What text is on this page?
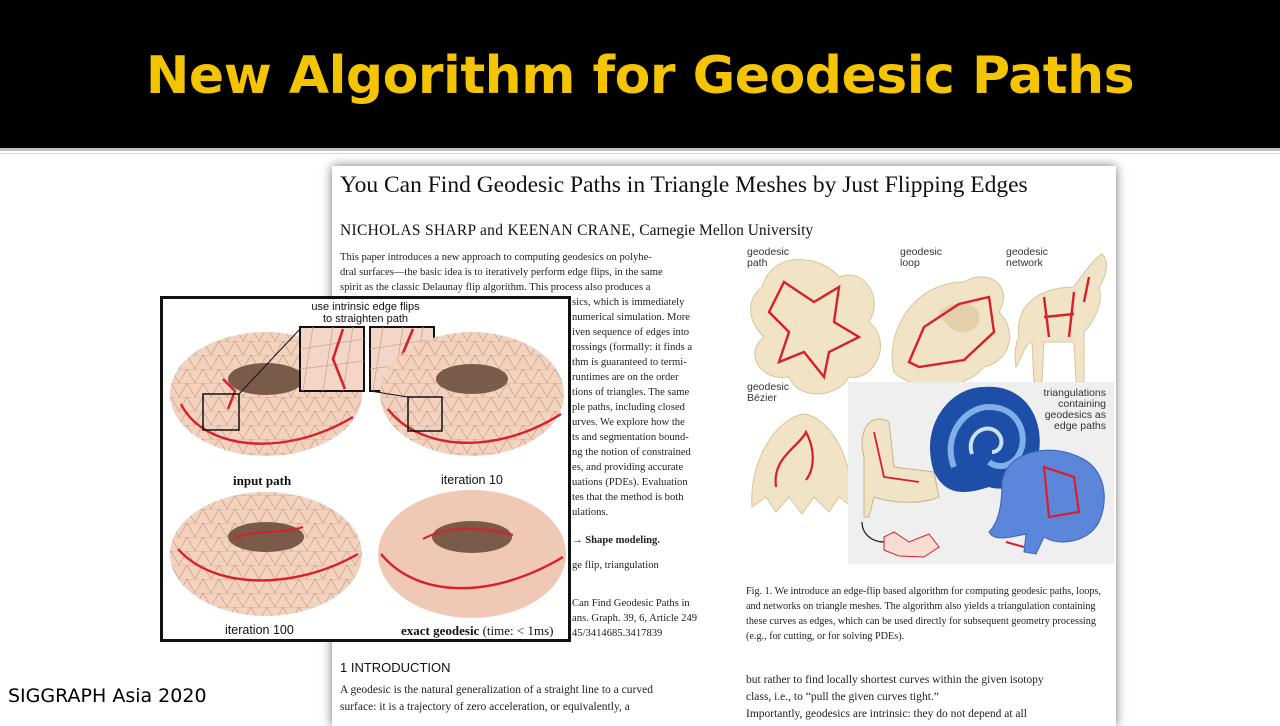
New Algorithm for Geodesic Paths
You Can Find Geodesic Paths in Triangle Meshes by Just Flipping Edges
NICHOLAS SHARP and KEENAN CRANE, Carnegie Mellon University

This paper introduces a new approach to computing geodesics on polyhe-

dral surfaces—the basic idea is to iteratively perform edge flips, in the same

spirit as the classic Delaunay flip algorithm. This process also produces a

sics, which is immediately
numerical simulation. More
iven sequence of edges into
rossings (formally: it finds a
thm is guaranteed to termi-
runtimes are on the order
tions of triangles. The same
ple paths, including closed
urves. We explore how the
ts and segmentation bound-
ng the notion of constrained
es, and providing accurate
uations (PDEs). Evaluation
tes that the method is both
ulations.
→ Shape modeling.
ge flip, triangulation
Can Find Geodesic Paths in
ans. Graph. 39, 6, Article 249
45/3414685.3417839
1 INTRODUCTION
A geodesic is the natural generalization of a straight line to a curved
surface: it is a trajectory of zero acceleration, or equivalently, a
geodesic
path
geodesic
loop
geodesic
network
geodesic
Bézier	triangulations
containing
geodesics as
edge paths
Fig. 1. We introduce an edge-flip based algorithm for computing geodesic paths, loops, and networks on triangle meshes. The algorithm also yields a triangulation containing these curves as edges, which can be used directly for subsequent geometry processing (e.g., for cutting, or for solving PDEs).
but rather to find locally shortest curves within the given isotopy
class, i.e., to “pull the given curves tight.”
Importantly, geodesics are intrinsic: they do not depend at all
use intrinsic edge flips
to straighten path
input path	iteration 10
iteration 100	exact geodesic (time: < 1ms)
SIGGRAPH Asia 2020
